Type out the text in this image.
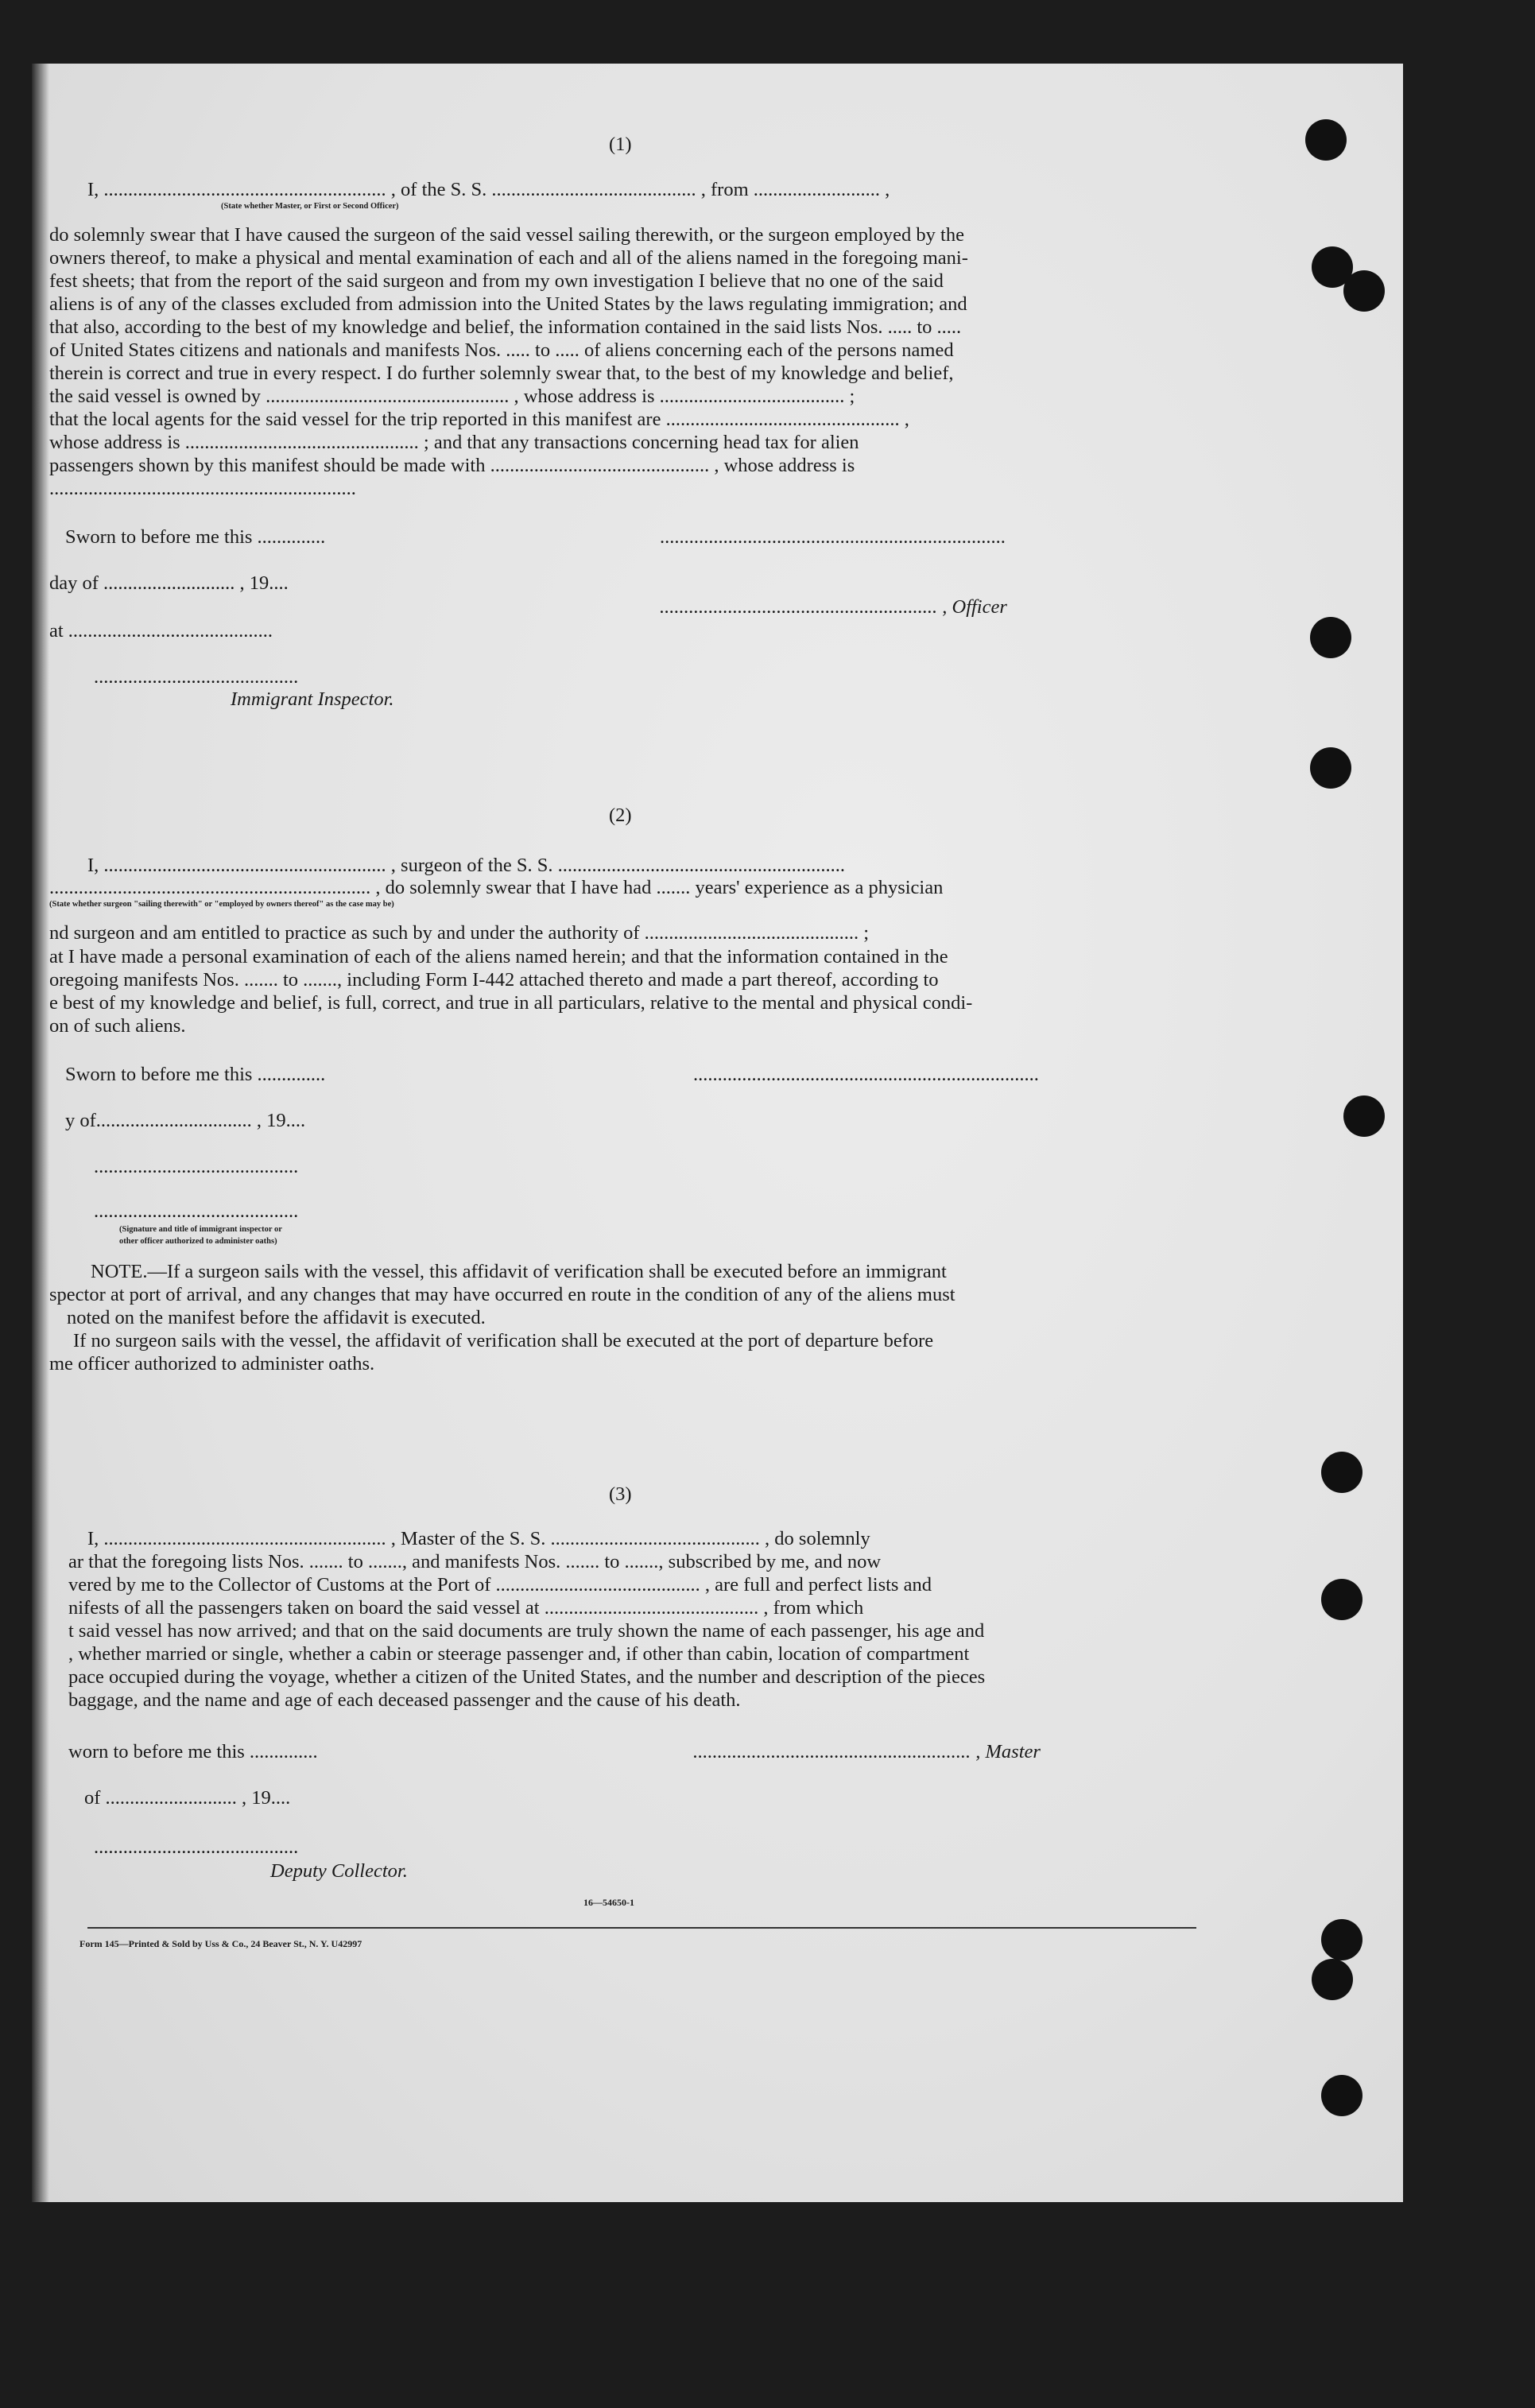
(1)
I, .......................................................... , of the S. S. .......................................... , from .......................... ,
(State whether Master, or First or Second Officer)
do solemnly swear that I have caused the surgeon of the said vessel sailing therewith, or the surgeon employed by the
owners thereof, to make a physical and mental examination of each and all of the aliens named in the foregoing mani-
fest sheets; that from the report of the said surgeon and from my own investigation I believe that no one of the said
aliens is of any of the classes excluded from admission into the United States by the laws regulating immigration; and
that also, according to the best of my knowledge and belief, the information contained in the said lists Nos. ..... to .....
of United States citizens and nationals and manifests Nos. ..... to ..... of aliens concerning each of the persons named
therein is correct and true in every respect. I do further solemnly swear that, to the best of my knowledge and belief,
the said vessel is owned by .................................................. , whose address is ...................................... ;
that the local agents for the said vessel for the trip reported in this manifest are ................................................ ,
whose address is ................................................ ; and that any transactions concerning head tax for alien
passengers shown by this manifest should be made with ............................................. , whose address is
...............................................................
Sworn to before me this ..............	.......................................................................
day of ........................... , 19....
......................................................... , Officer
at ..........................................
..........................................
Immigrant Inspector.
(2)
I, .......................................................... , surgeon of the S. S. ...........................................................
.................................................................. , do solemnly swear that I have had ....... years' experience as a physician
(State whether surgeon "sailing therewith" or "employed by owners thereof" as the case may be)
nd surgeon and am entitled to practice as such by and under the authority of ............................................ ;
at I have made a personal examination of each of the aliens named herein; and that the information contained in the
oregoing manifests Nos. ....... to ......., including Form I-442 attached thereto and made a part thereof, according to
e best of my knowledge and belief, is full, correct, and true in all particulars, relative to the mental and physical condi-
on of such aliens.
Sworn to before me this ..............	.......................................................................
y of................................ , 19....
..........................................
..........................................
(Signature and title of immigrant inspector or
other officer authorized to administer oaths)
NOTE.—If a surgeon sails with the vessel, this affidavit of verification shall be executed before an immigrant
spector at port of arrival, and any changes that may have occurred en route in the condition of any of the aliens must
noted on the manifest before the affidavit is executed.
If no surgeon sails with the vessel, the affidavit of verification shall be executed at the port of departure before
me officer authorized to administer oaths.
(3)
I, .......................................................... , Master of the S. S. ........................................... , do solemnly
ar that the foregoing lists Nos. ....... to ......., and manifests Nos. ....... to ......., subscribed by me, and now
vered by me to the Collector of Customs at the Port of .......................................... , are full and perfect lists and
nifests of all the passengers taken on board the said vessel at ............................................ , from which
t said vessel has now arrived; and that on the said documents are truly shown the name of each passenger, his age and
, whether married or single, whether a cabin or steerage passenger and, if other than cabin, location of compartment
pace occupied during the voyage, whether a citizen of the United States, and the number and description of the pieces
baggage, and the name and age of each deceased passenger and the cause of his death.
worn to before me this ..............	......................................................... , Master
of ........................... , 19....
..........................................
Deputy Collector.
16—54650-1
Form 145—Printed & Sold by Uss & Co., 24 Beaver St., N. Y. U42997
